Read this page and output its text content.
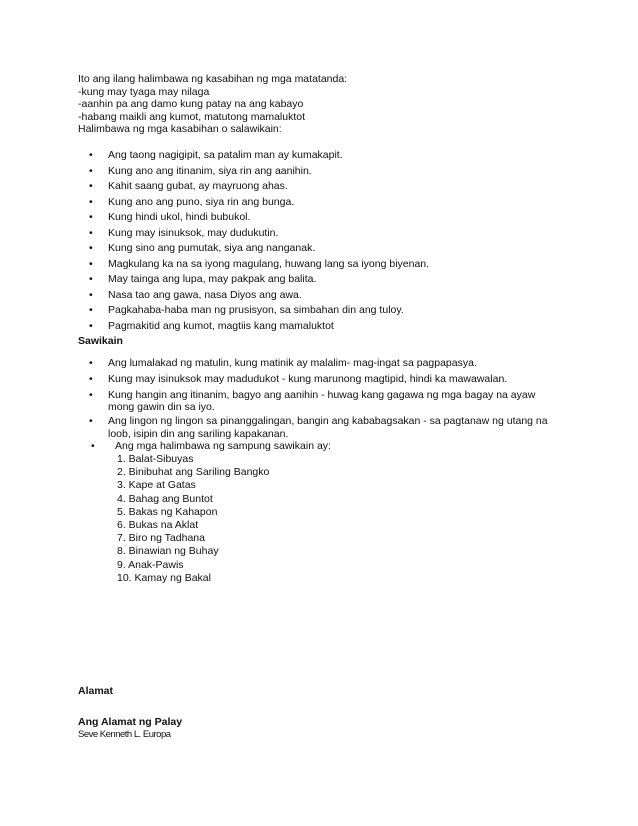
Ito ang ilang halimbawa ng kasabihan ng mga matatanda:
-kung may tyaga may nilaga
-aanhin pa ang damo kung patay na ang kabayo
-habang maikli ang kumot, matutong mamaluktot
Halimbawa ng mga kasabihan o salawikain:
• Ang taong nagigipit, sa patalim man ay kumakapit.
• Kung ano ang itinanim, siya rin ang aanihin.
• Kahit saang gubat, ay mayruong ahas.
• Kung ano ang puno, siya rin ang bunga.
• Kung hindi ukol, hindi bubukol.
• Kung may isinuksok, may dudukutin.
• Kung sino ang pumutak, siya ang nanganak.
• Magkulang ka na sa iyong magulang, huwang lang sa iyong biyenan.
• May tainga ang lupa, may pakpak ang balita.
• Nasa tao ang gawa, nasa Diyos ang awa.
• Pagkahaba-haba man ng prusisyon, sa simbahan din ang tuloy.
• Pagmakitid ang kumot, magtiis kang mamaluktot
Sawikain
• Ang lumalakad ng matulin, kung matinik ay malalim- mag-ingat sa pagpapasya.
• Kung may isinuksok may madudukot - kung marunong magtipid, hindi ka mawawalan.
• Kung hangin ang itinanim, bagyo ang aanihin - huwag kang gagawa ng mga bagay na ayaw mong gawin din sa iyo.
• Ang lingon ng lingon sa pinanggalingan, bangin ang kababagsakan - sa pagtanaw ng utang na loob, isipin din ang sariling kapakanan.
• Ang mga halimbawa ng sampung sawikain ay:
1. Balat-Sibuyas
2. Binibuhat ang Sariling Bangko
3. Kape at Gatas
4. Bahag ang Buntot
5. Bakas ng Kahapon
6. Bukas na Aklat
7. Biro ng Tadhana
8. Binawian ng Buhay
9. Anak-Pawis
10. Kamay ng Bakal
Alamat
Ang Alamat ng Palay
Seve Kenneth L. Europa
